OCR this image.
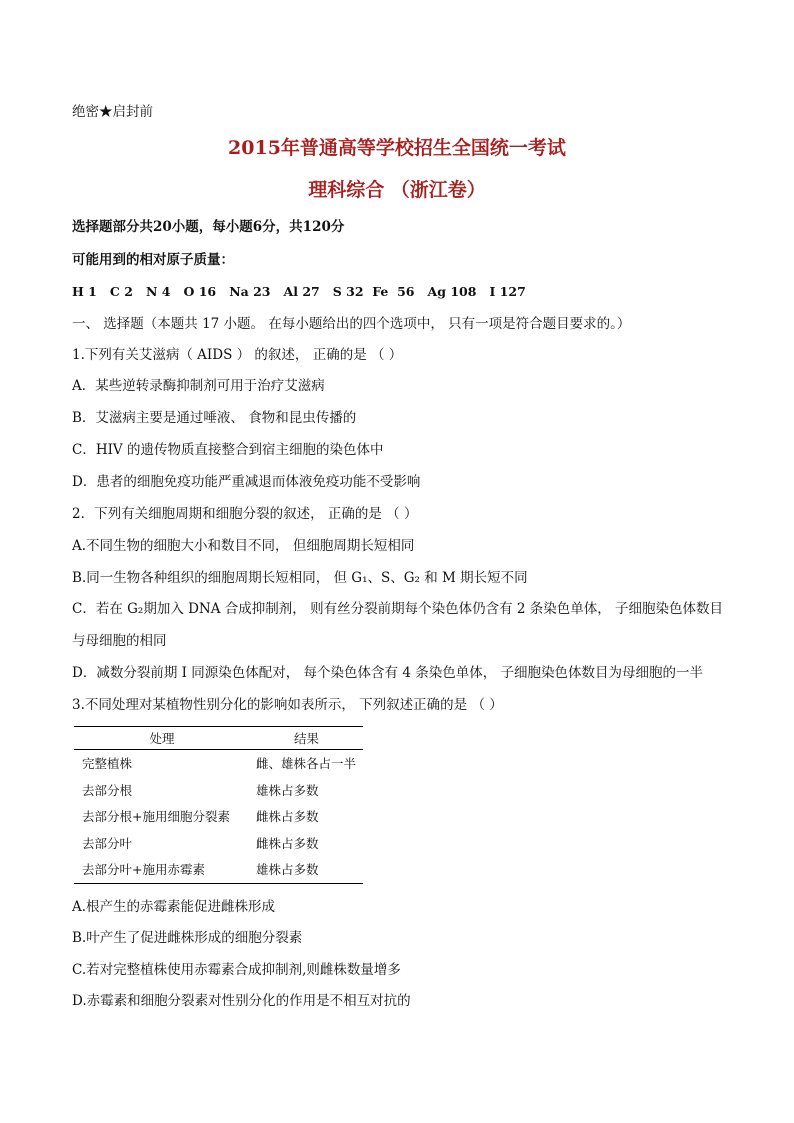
绝密★启封前
2015年普通高等学校招生全国统一考试
理科综合 （浙江卷）
选择题部分共20小题，每小题6分，共120分
可能用到的相对原子质量：
H 1   C 2   N 4   O 16   Na 23   Al 27   S 32  Fe  56   Ag 108   I 127
一、 选择题（本题共 17 小题。 在每小题给出的四个选项中， 只有一项是符合题目要求的。）
1.下列有关艾滋病（ AIDS ） 的叙述， 正确的是 （ ）
A．某些逆转录酶抑制剂可用于治疗艾滋病
B．艾滋病主要是通过唾液、 食物和昆虫传播的
C．HIV 的遗传物质直接整合到宿主细胞的染色体中
D．患者的细胞免疫功能严重减退而体液免疫功能不受影响
2．下列有关细胞周期和细胞分裂的叙述， 正确的是 （ ）
A.不同生物的细胞大小和数目不同， 但细胞周期长短相同
B.同一生物各种组织的细胞周期长短相同， 但 G₁、S、G₂ 和 M 期长短不同
C．若在 G₂期加入 DNA 合成抑制剂， 则有丝分裂前期每个染色体仍含有 2 条染色单体， 子细胞染色体数目
与母细胞的相同
D．减数分裂前期 I 同源染色体配对， 每个染色体含有 4 条染色单体， 子细胞染色体数目为母细胞的一半
3.不同处理对某植物性别分化的影响如表所示， 下列叙述正确的是 （ ）
处理	结果
完整植株	雌、雄株各占一半
去部分根	雄株占多数
去部分根+施用细胞分裂素	雌株占多数
去部分叶	雌株占多数
去部分叶+施用赤霉素	雄株占多数
A.根产生的赤霉素能促进雌株形成
B.叶产生了促进雌株形成的细胞分裂素
C.若对完整植株使用赤霉素合成抑制剂,则雌株数量增多
D.赤霉素和细胞分裂素对性别分化的作用是不相互对抗的
